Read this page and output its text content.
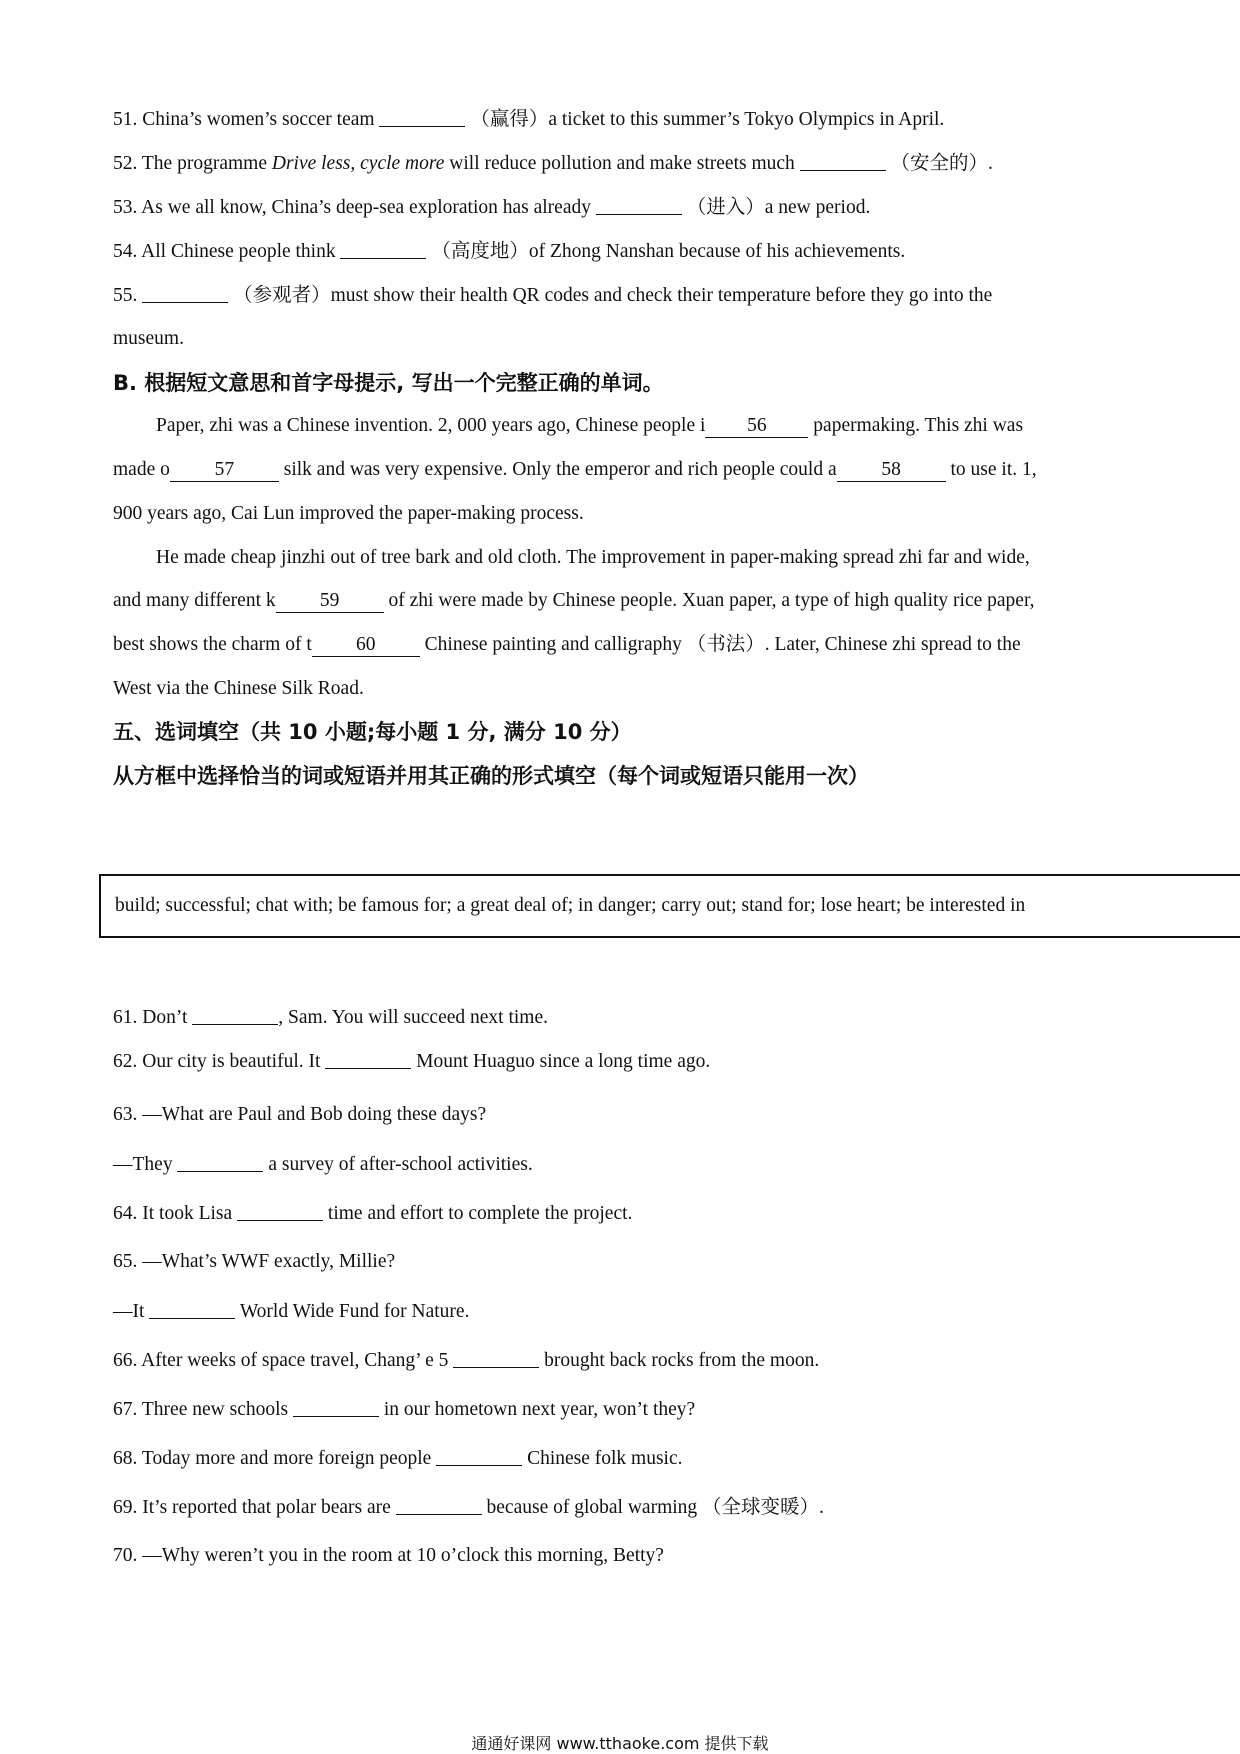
51. China’s women’s soccer team	（赢得）a ticket to this summer’s Tokyo Olympics in April.
52. The programme Drive less, cycle more will reduce pollution and make streets much	（安全的）.
53. As we all know, China’s deep-sea exploration has already	（进入）a new period.
54. All Chinese people think	（高度地）of Zhong Nanshan because of his achievements.
55.	（参观者）must show their health QR codes and check their temperature before they go into the
museum.
B. 根据短文意思和首字母提示, 写出一个完整正确的单词。
Paper, zhi was a Chinese invention. 2, 000 years ago, Chinese people i 56 papermaking. This zhi was
made o 57 silk and was very expensive. Only the emperor and rich people could a 58 to use it. 1,
900 years ago, Cai Lun improved the paper-making process.
He made cheap jinzhi out of tree bark and old cloth. The improvement in paper-making spread zhi far and wide,
and many different k 59 of zhi were made by Chinese people. Xuan paper, a type of high quality rice paper,
best shows the charm of t 60 Chinese painting and calligraphy （书法）. Later, Chinese zhi spread to the
West via the Chinese Silk Road.
五、选词填空（共 10 小题;每小题 1 分, 满分 10 分）
从方框中选择恰当的词或短语并用其正确的形式填空（每个词或短语只能用一次）
build; successful; chat with; be famous for; a great deal of; in danger; carry out; stand for; lose heart; be interested in
61. Don’t	, Sam. You will succeed next time.
62. Our city is beautiful. It	Mount Huaguo since a long time ago.
63. —What are Paul and Bob doing these days?
—They	a survey of after-school activities.
64. It took Lisa	time and effort to complete the project.
65. —What’s WWF exactly, Millie?
—It	World Wide Fund for Nature.
66. After weeks of space travel, Chang’ e 5	brought back rocks from the moon.
67. Three new schools	in our hometown next year, won’t they?
68. Today more and more foreign people	Chinese folk music.
69. It’s reported that polar bears are	because of global warming （全球变暖）.
70. —Why weren’t you in the room at 10 o’clock this morning, Betty?
通通好课网 www.tthaoke.com 提供下载
